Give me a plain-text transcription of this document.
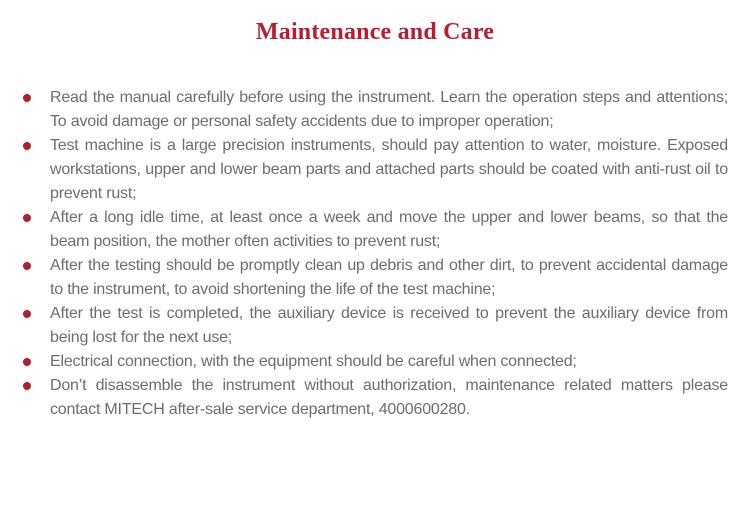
Maintenance and Care
Read the manual carefully before using the instrument. Learn the operation steps and attentions; To avoid damage or personal safety accidents due to improper operation;
Test machine is a large precision instruments, should pay attention to water, moisture. Exposed workstations, upper and lower beam parts and attached parts should be coated with anti-rust oil to prevent rust;
After a long idle time, at least once a week and move the upper and lower beams, so that the beam position, the mother often activities to prevent rust;
After the testing should be promptly clean up debris and other dirt, to prevent accidental damage to the instrument, to avoid shortening the life of the test machine;
After the test is completed, the auxiliary device is received to prevent the auxiliary device from being lost for the next use;
Electrical connection, with the equipment should be careful when connected;
Don’t disassemble the instrument without authorization, maintenance related matters please contact MITECH after-sale service department, 4000600280.
